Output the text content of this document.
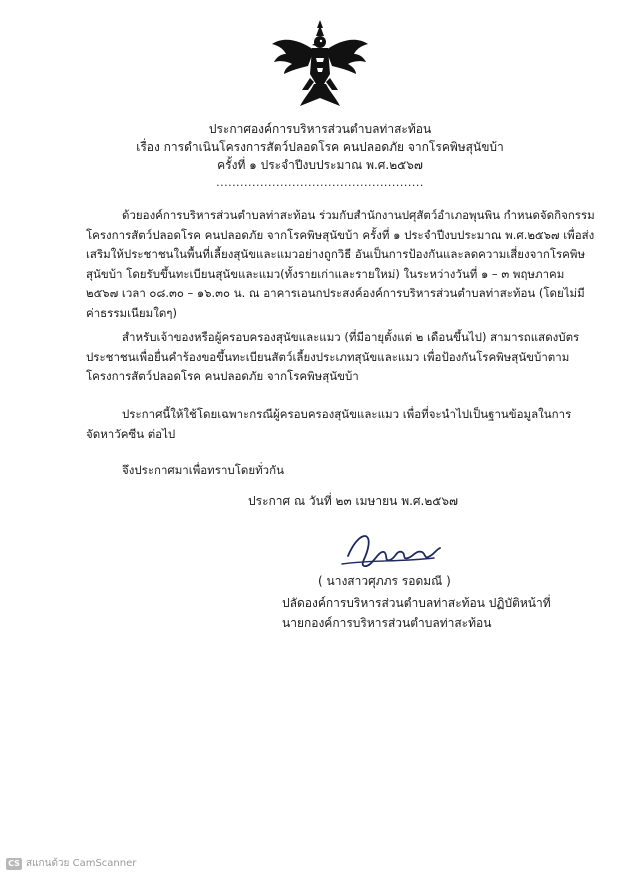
ประกาศองค์การบริหารส่วนตำบลท่าสะท้อน
เรื่อง การดำเนินโครงการสัตว์ปลอดโรค คนปลอดภัย จากโรคพิษสุนัขบ้า
ครั้งที่ ๑ ประจำปีงบประมาณ พ.ศ.๒๕๖๗
....................................................

ด้วยองค์การบริหารส่วนตำบลท่าสะท้อน ร่วมกับสำนักงานปศุสัตว์อำเภอพุนพิน กำหนดจัดกิจกรรม โครงการสัตว์ปลอดโรค คนปลอดภัย จากโรคพิษสุนัขบ้า ครั้งที่ ๑ ประจำปีงบประมาณ พ.ศ.๒๕๖๗ เพื่อส่งเสริมให้ประชาชนในพื้นที่เลี้ยงสุนัขและแมวอย่างถูกวิธี อันเป็นการป้องกันและลดความเสี่ยงจากโรคพิษสุนัขบ้า โดยรับขึ้นทะเบียนสุนัขและแมว(ทั้งรายเก่าและรายใหม่) ในระหว่างวันที่ ๑ – ๓ พฤษภาคม ๒๕๖๗ เวลา ๐๘.๓๐ – ๑๖.๓๐ น. ณ อาคารเอนกประสงค์องค์การบริหารส่วนตำบลท่าสะท้อน (โดยไม่มีค่าธรรมเนียมใดๆ)

สำหรับเจ้าของหรือผู้ครอบครองสุนัขและแมว (ที่มีอายุตั้งแต่ ๒ เดือนขึ้นไป) สามารถแสดงบัตรประชาชนเพื่อยื่นคำร้องขอขึ้นทะเบียนสัตว์เลี้ยงประเภทสุนัขและแมว เพื่อป้องกันโรคพิษสุนัขบ้าตามโครงการสัตว์ปลอดโรค คนปลอดภัย จากโรคพิษสุนัขบ้า

ประกาศนี้ให้ใช้โดยเฉพาะกรณีผู้ครอบครองสุนัขและแมว เพื่อที่จะนำไปเป็นฐานข้อมูลในการจัดหาวัคซีน ต่อไป

จึงประกาศมาเพื่อทราบโดยทั่วกัน

ประกาศ ณ วันที่ ๒๓ เมษายน พ.ศ.๒๕๖๗
( นางสาวศุภภร รอดมณี )
ปลัดองค์การบริหารส่วนตำบลท่าสะท้อน ปฏิบัติหน้าที่
นายกองค์การบริหารส่วนตำบลท่าสะท้อน
CS สแกนด้วย CamScanner
